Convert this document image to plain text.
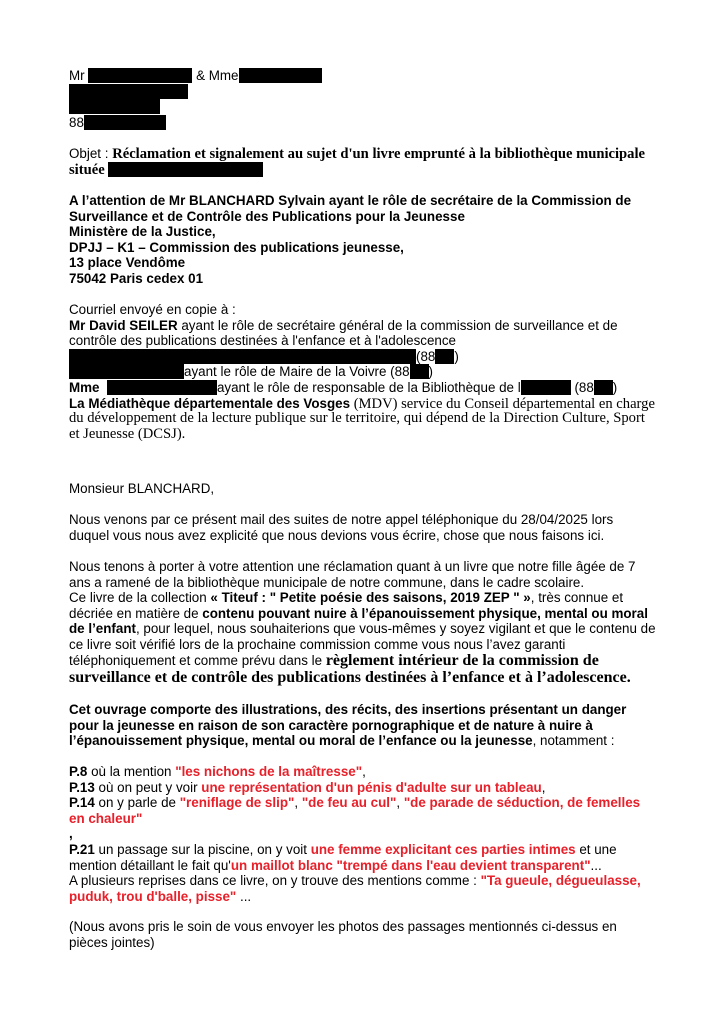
Mr	& Mme
88
Objet : Réclamation et signalement au sujet d'un livre emprunté à la bibliothèque municipale
située
A l’attention de Mr BLANCHARD Sylvain ayant le rôle de secrétaire de la Commission de
Surveillance et de Contrôle des Publications pour la Jeunesse
Ministère de la Justice,
DPJJ – K1 – Commission des publications jeunesse,
13 place Vendôme
75042 Paris cedex 01
Courriel envoyé en copie à :
Mr David SEILER ayant le rôle de secrétaire général de la commission de surveillance et de
contrôle des publications destinées à l'enfance et à l'adolescence
(88 )
ayant le rôle de Maire de la Voivre (88 )
Mme	ayant le rôle de responsable de la Bibliothèque de l	(88 )
La Médiathèque départementale des Vosges (MDV) service du Conseil départemental en charge
du développement de la lecture publique sur le territoire, qui dépend de la Direction Culture, Sport
et Jeunesse (DCSJ).
Monsieur BLANCHARD,
Nous venons par ce présent mail des suites de notre appel téléphonique du 28/04/2025 lors
duquel vous nous avez explicité que nous devions vous écrire, chose que nous faisons ici.
Nous tenons à porter à votre attention une réclamation quant à un livre que notre fille âgée de 7
ans a ramené de la bibliothèque municipale de notre commune, dans le cadre scolaire.
Ce livre de la collection « Titeuf : " Petite poésie des saisons, 2019 ZEP " », très connue et
décriée en matière de contenu pouvant nuire à l’épanouissement physique, mental ou moral
de l’enfant, pour lequel, nous souhaiterions que vous-mêmes y soyez vigilant et que le contenu de
ce livre soit vérifié lors de la prochaine commission comme vous nous l’avez garanti
téléphoniquement et comme prévu dans le règlement intérieur de la commission de
surveillance et de contrôle des publications destinées à l’enfance et à l’adolescence.
Cet ouvrage comporte des illustrations, des récits, des insertions présentant un danger
pour la jeunesse en raison de son caractère pornographique et de nature à nuire à
l’épanouissement physique, mental ou moral de l’enfance ou la jeunesse, notamment :
P.8 où la mention "les nichons de la maîtresse",
P.13 où on peut y voir une représentation d'un pénis d'adulte sur un tableau,
P.14 on y parle de "reniflage de slip", "de feu au cul", "de parade de séduction, de femelles
en chaleur"
,
P.21 un passage sur la piscine, on y voit une femme explicitant ces parties intimes et une
mention détaillant le fait qu'un maillot blanc "trempé dans l'eau devient transparent"...
A plusieurs reprises dans ce livre, on y trouve des mentions comme : "Ta gueule, dégueulasse,
puduk, trou d'balle, pisse" ...
(Nous avons pris le soin de vous envoyer les photos des passages mentionnés ci-dessus en
pièces jointes)
